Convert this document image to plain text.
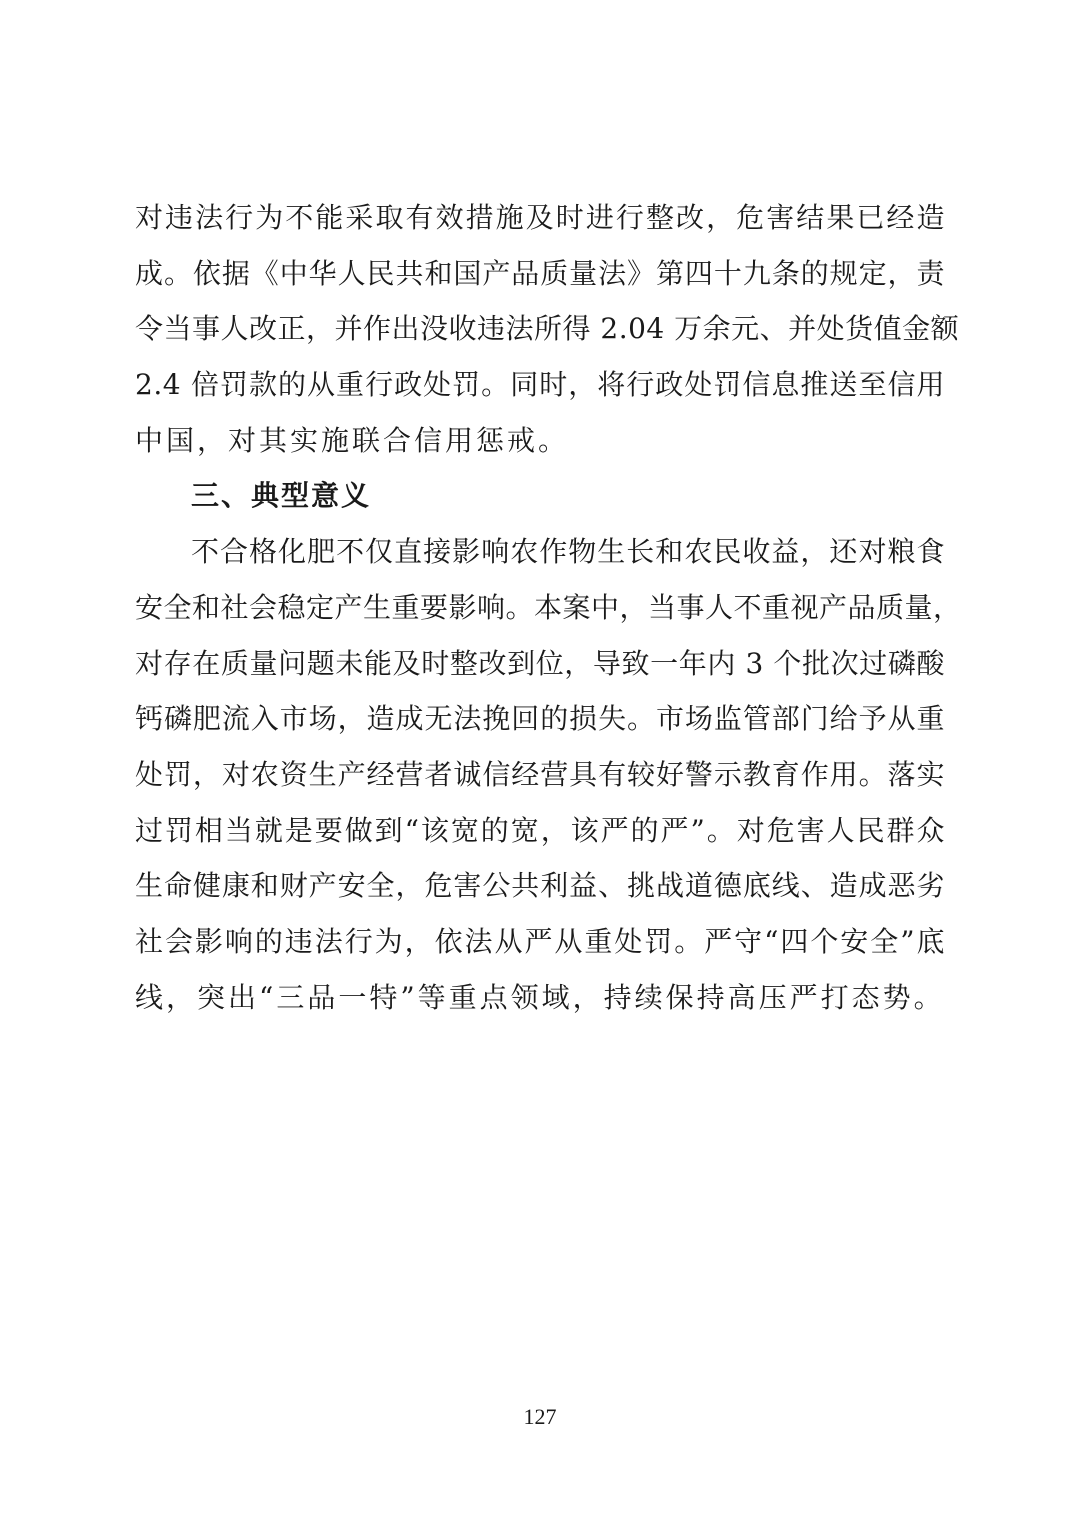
对违法行为不能采取有效措施及时进行整改，危害结果已经造
成。依据《中华人民共和国产品质量法》第四十九条的规定，责
令当事人改正，并作出没收违法所得 2.04 万余元、并处货值金额
2.4 倍罚款的从重行政处罚。同时，将行政处罚信息推送至信用
中国，对其实施联合信用惩戒。
三、典型意义
不合格化肥不仅直接影响农作物生长和农民收益，还对粮食
安全和社会稳定产生重要影响。本案中，当事人不重视产品质量，
对存在质量问题未能及时整改到位，导致一年内 3 个批次过磷酸
钙磷肥流入市场，造成无法挽回的损失。市场监管部门给予从重
处罚，对农资生产经营者诚信经营具有较好警示教育作用。落实
过罚相当就是要做到“该宽的宽，该严的严”。对危害人民群众
生命健康和财产安全，危害公共利益、挑战道德底线、造成恶劣
社会影响的违法行为，依法从严从重处罚。严守“四个安全”底
线，突出“三品一特”等重点领域，持续保持高压严打态势。
127
